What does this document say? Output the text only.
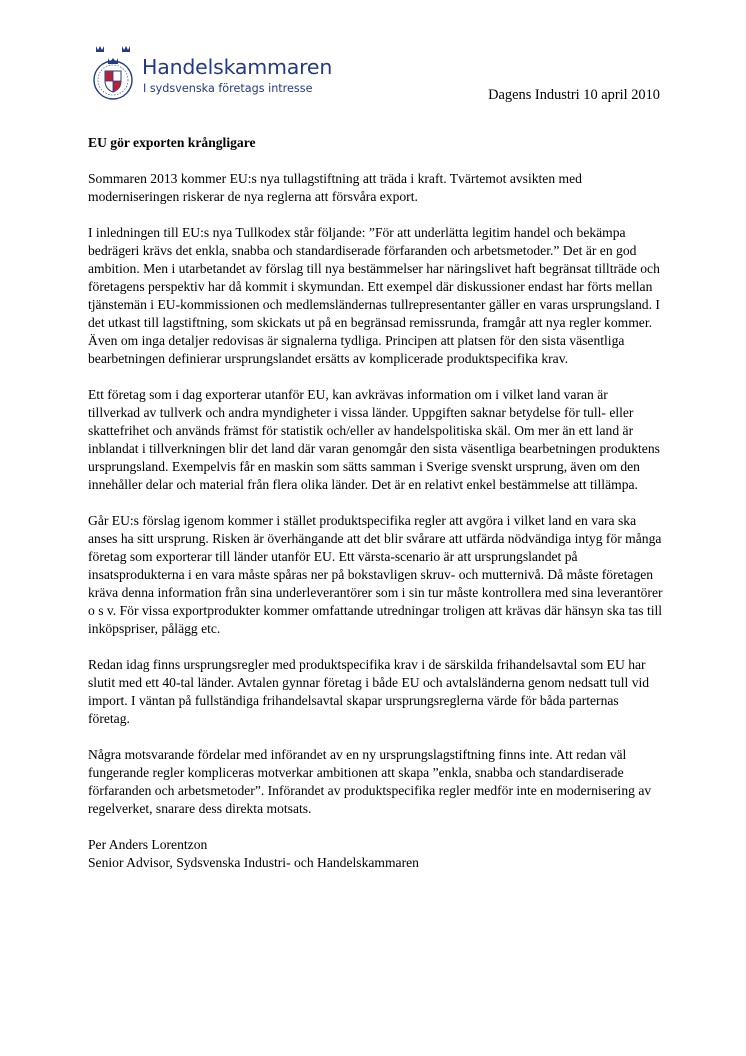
Handelskammaren
I sydsvenska företags intresse	Dagens Industri 10 april 2010
EU gör exporten krångligare

Sommaren 2013 kommer EU:s nya tullagstiftning att träda i kraft. Tvärtemot avsikten med moderniseringen riskerar de nya reglerna att försvåra export.

I inledningen till EU:s nya Tullkodex står följande: ”För att underlätta legitim handel och bekämpa bedrägeri krävs det enkla, snabba och standardiserade förfaranden och arbetsmetoder.” Det är en god ambition. Men i utarbetandet av förslag till nya bestämmelser har näringslivet haft begränsat tillträde och företagens perspektiv har då kommit i skymundan. Ett exempel där diskussioner endast har förts mellan tjänstemän i EU-kommissionen och medlemsländernas tullrepresentanter gäller en varas ursprungsland. I det utkast till lagstiftning, som skickats ut på en begränsad remissrunda, framgår att nya regler kommer. Även om inga detaljer redovisas är signalerna tydliga. Principen att platsen för den sista väsentliga bearbetningen definierar ursprungslandet ersätts av komplicerade produktspecifika krav.

Ett företag som i dag exporterar utanför EU, kan avkrävas information om i vilket land varan är tillverkad av tullverk och andra myndigheter i vissa länder. Uppgiften saknar betydelse för tull- eller skattefrihet och används främst för statistik och/eller av handelspolitiska skäl. Om mer än ett land är inblandat i tillverkningen blir det land där varan genomgår den sista väsentliga bearbetningen produktens ursprungsland. Exempelvis får en maskin som sätts samman i Sverige svenskt ursprung, även om den innehåller delar och material från flera olika länder. Det är en relativt enkel bestämmelse att tillämpa.

Går EU:s förslag igenom kommer i stället produktspecifika regler att avgöra i vilket land en vara ska anses ha sitt ursprung. Risken är överhängande att det blir svårare att utfärda nödvändiga intyg för många företag som exporterar till länder utanför EU. Ett värsta-scenario är att ursprungslandet på insatsprodukterna i en vara måste spåras ner på bokstavligen skruv- och mutternivå. Då måste företagen kräva denna information från sina underleverantörer som i sin tur måste kontrollera med sina leverantörer o s v. För vissa exportprodukter kommer omfattande utredningar troligen att krävas där hänsyn ska tas till inköpspriser, pålägg etc.

Redan idag finns ursprungsregler med produktspecifika krav i de särskilda frihandelsavtal som EU har slutit med ett 40-tal länder. Avtalen gynnar företag i både EU och avtalsländerna genom nedsatt tull vid import. I väntan på fullständiga frihandelsavtal skapar ursprungsreglerna värde för båda parternas företag.

Några motsvarande fördelar med införandet av en ny ursprungslagstiftning finns inte. Att redan väl fungerande regler kompliceras motverkar ambitionen att skapa ”enkla, snabba och standardiserade förfaranden och arbetsmetoder”. Införandet av produktspecifika regler medför inte en modernisering av regelverket, snarare dess direkta motsats.

Per Anders Lorentzon
Senior Advisor, Sydsvenska Industri- och Handelskammaren
